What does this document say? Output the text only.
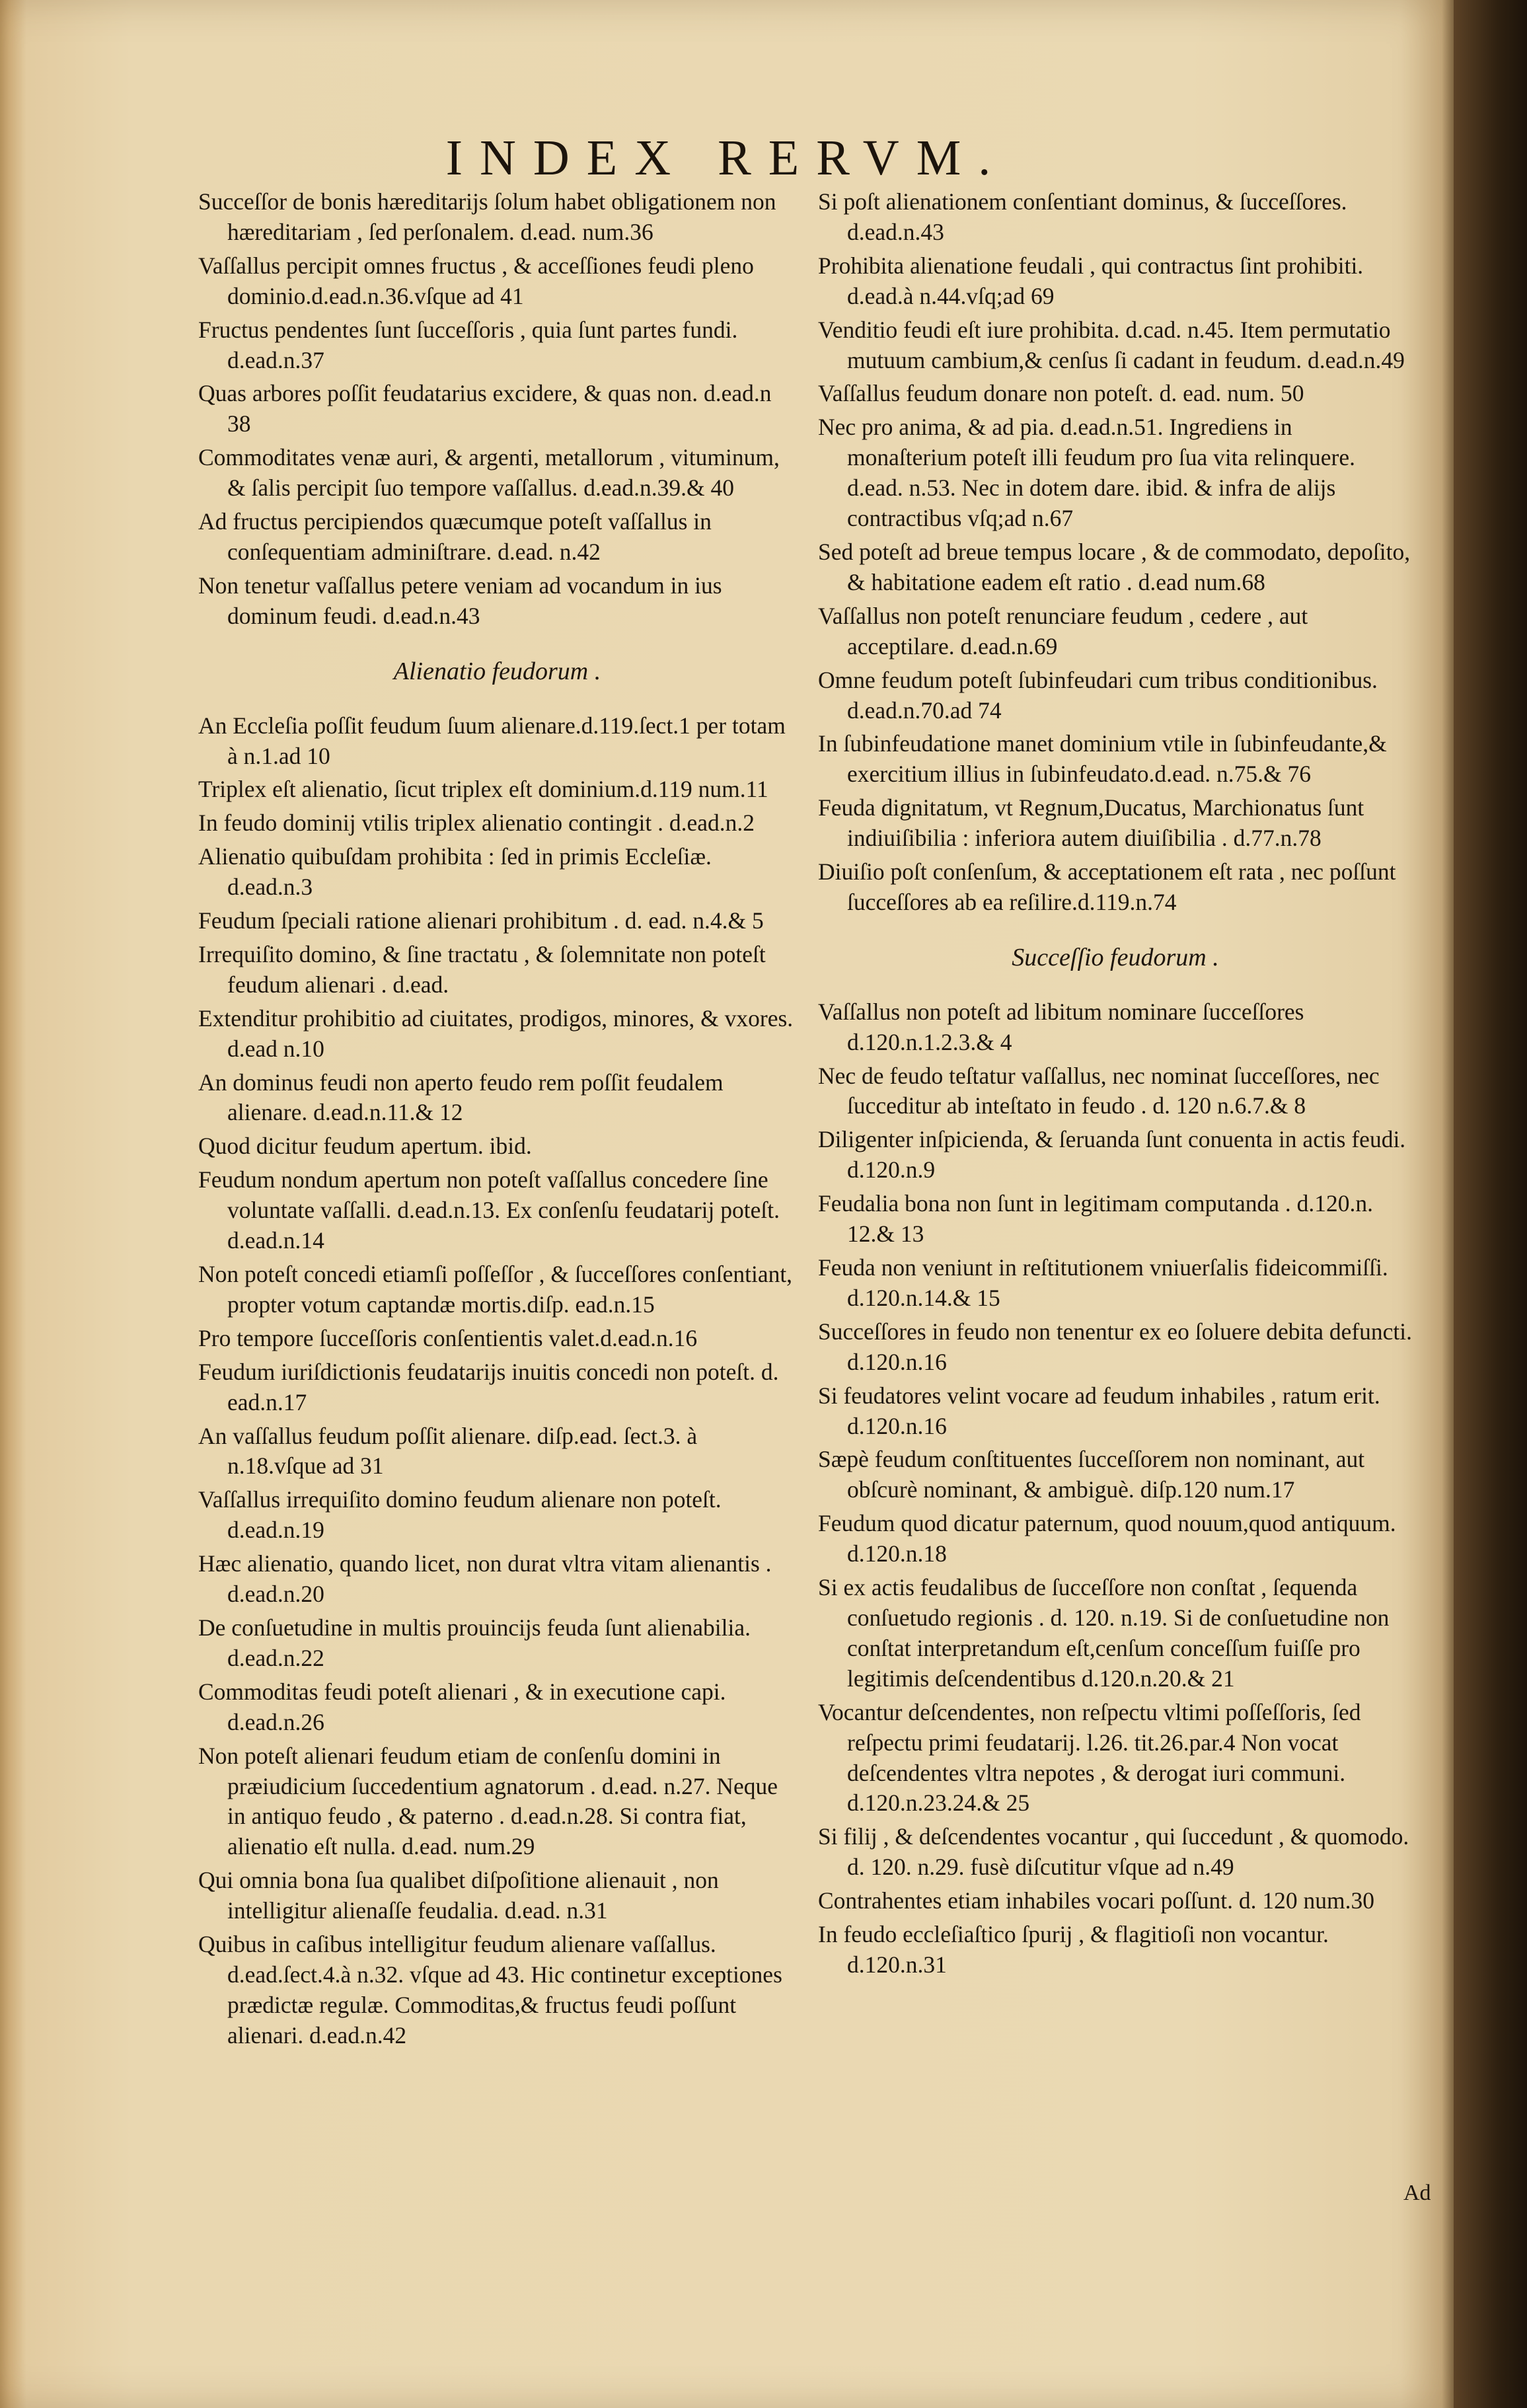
INDEX RERVM.
Succeſſor de bonis hæreditarijs ſolum habet obligationem non hæreditariam , ſed perſonalem. d.ead. num.36
Vaſſallus percipit omnes fructus , & acceſſiones feudi pleno dominio.d.ead.n.36.vſque ad 41
Fructus pendentes ſunt ſucceſſoris , quia ſunt partes fundi. d.ead.n.37
Quas arbores poſſit feudatarius excidere, & quas non. d.ead.n 38
Commoditates venæ auri, & argenti, metallorum , vituminum, & ſalis percipit ſuo tempore vaſſallus. d.ead.n.39.& 40
Ad fructus percipiendos quæcumque poteſt vaſſallus in conſequentiam adminiſtrare. d.ead. n.42
Non tenetur vaſſallus petere veniam ad vocandum in ius dominum feudi. d.ead.n.43
Alienatio feudorum .
An Eccleſia poſſit feudum ſuum alienare.d.119.ſect.1 per totam à n.1.ad 10
Triplex eſt alienatio, ſicut triplex eſt dominium.d.119 num.11
In feudo dominij vtilis triplex alienatio contingit . d.ead.n.2
Alienatio quibuſdam prohibita : ſed in primis Eccleſiæ. d.ead.n.3
Feudum ſpeciali ratione alienari prohibitum . d. ead. n.4.& 5
Irrequiſito domino, & ſine tractatu , & ſolemnitate non poteſt feudum alienari . d.ead.
Extenditur prohibitio ad ciuitates, prodigos, minores, & vxores. d.ead n.10
An dominus feudi non aperto feudo rem poſſit feudalem alienare. d.ead.n.11.& 12
Quod dicitur feudum apertum. ibid.
Feudum nondum apertum non poteſt vaſſallus concedere ſine voluntate vaſſalli. d.ead.n.13. Ex conſenſu feudatarij poteſt. d.ead.n.14
Non poteſt concedi etiamſi poſſeſſor , & ſucceſſores conſentiant, propter votum captandæ mortis.diſp. ead.n.15
Pro tempore ſucceſſoris conſentientis valet.d.ead.n.16
Feudum iuriſdictionis feudatarijs inuitis concedi non poteſt. d. ead.n.17
An vaſſallus feudum poſſit alienare. diſp.ead. ſect.3. à n.18.vſque ad 31
Vaſſallus irrequiſito domino feudum alienare non poteſt. d.ead.n.19
Hæc alienatio, quando licet, non durat vltra vitam alienantis . d.ead.n.20
De conſuetudine in multis prouincijs feuda ſunt alienabilia. d.ead.n.22
Commoditas feudi poteſt alienari , & in executione capi. d.ead.n.26
Non poteſt alienari feudum etiam de conſenſu domini in præiudicium ſuccedentium agnatorum . d.ead. n.27. Neque in antiquo feudo , & paterno . d.ead.n.28. Si contra fiat, alienatio eſt nulla. d.ead. num.29
Qui omnia bona ſua qualibet diſpoſitione alienauit , non intelligitur alienaſſe feudalia. d.ead. n.31
Quibus in caſibus intelligitur feudum alienare vaſſallus. d.ead.ſect.4.à n.32. vſque ad 43. Hic continetur exceptiones prædictæ regulæ. Commoditas,& fructus feudi poſſunt alienari. d.ead.n.42
Si poſt alienationem conſentiant dominus, & ſucceſſores. d.ead.n.43
Prohibita alienatione feudali , qui contractus ſint prohibiti. d.ead.à n.44.vſq;ad 69
Venditio feudi eſt iure prohibita. d.cad. n.45. Item permutatio mutuum cambium,& cenſus ſi cadant in feudum. d.ead.n.49
Vaſſallus feudum donare non poteſt. d. ead. num. 50
Nec pro anima, & ad pia. d.ead.n.51. Ingrediens in monaſterium poteſt illi feudum pro ſua vita relinquere. d.ead. n.53. Nec in dotem dare. ibid. & infra de alijs contractibus vſq;ad n.67
Sed poteſt ad breue tempus locare , & de commodato, depoſito, & habitatione eadem eſt ratio . d.ead num.68
Vaſſallus non poteſt renunciare feudum , cedere , aut acceptilare. d.ead.n.69
Omne feudum poteſt ſubinfeudari cum tribus conditionibus. d.ead.n.70.ad 74
In ſubinfeudatione manet dominium vtile in ſubinfeudante,& exercitium illius in ſubinfeudato.d.ead. n.75.& 76
Feuda dignitatum, vt Regnum,Ducatus, Marchionatus ſunt indiuiſibilia : inferiora autem diuiſibilia . d.77.n.78
Diuiſio poſt conſenſum, & acceptationem eſt rata , nec poſſunt ſucceſſores ab ea reſilire.d.119.n.74
Succeſſio feudorum .
Vaſſallus non poteſt ad libitum nominare ſucceſſores d.120.n.1.2.3.& 4
Nec de feudo teſtatur vaſſallus, nec nominat ſucceſſores, nec ſucceditur ab inteſtato in feudo . d. 120 n.6.7.& 8
Diligenter inſpicienda, & ſeruanda ſunt conuenta in actis feudi. d.120.n.9
Feudalia bona non ſunt in legitimam computanda . d.120.n. 12.& 13
Feuda non veniunt in reſtitutionem vniuerſalis fideicommiſſi. d.120.n.14.& 15
Succeſſores in feudo non tenentur ex eo ſoluere debita defuncti. d.120.n.16
Si feudatores velint vocare ad feudum inhabiles , ratum erit. d.120.n.16
Sæpè feudum conſtituentes ſucceſſorem non nominant, aut obſcurè nominant, & ambiguè. diſp.120 num.17
Feudum quod dicatur paternum, quod nouum,quod antiquum. d.120.n.18
Si ex actis feudalibus de ſucceſſore non conſtat , ſequenda conſuetudo regionis . d. 120. n.19. Si de conſuetudine non conſtat interpretandum eſt,cenſum conceſſum fuiſſe pro legitimis deſcendentibus d.120.n.20.& 21
Vocantur deſcendentes, non reſpectu vltimi poſſeſſoris, ſed reſpectu primi feudatarij. l.26. tit.26.par.4 Non vocat deſcendentes vltra nepotes , & derogat iuri communi. d.120.n.23.24.& 25
Si filij , & deſcendentes vocantur , qui ſuccedunt , & quomodo. d. 120. n.29. fusè diſcutitur vſque ad n.49
Contrahentes etiam inhabiles vocari poſſunt. d. 120 num.30
In feudo eccleſiaſtico ſpurij , & flagitioſi non vocantur. d.120.n.31
Ad
